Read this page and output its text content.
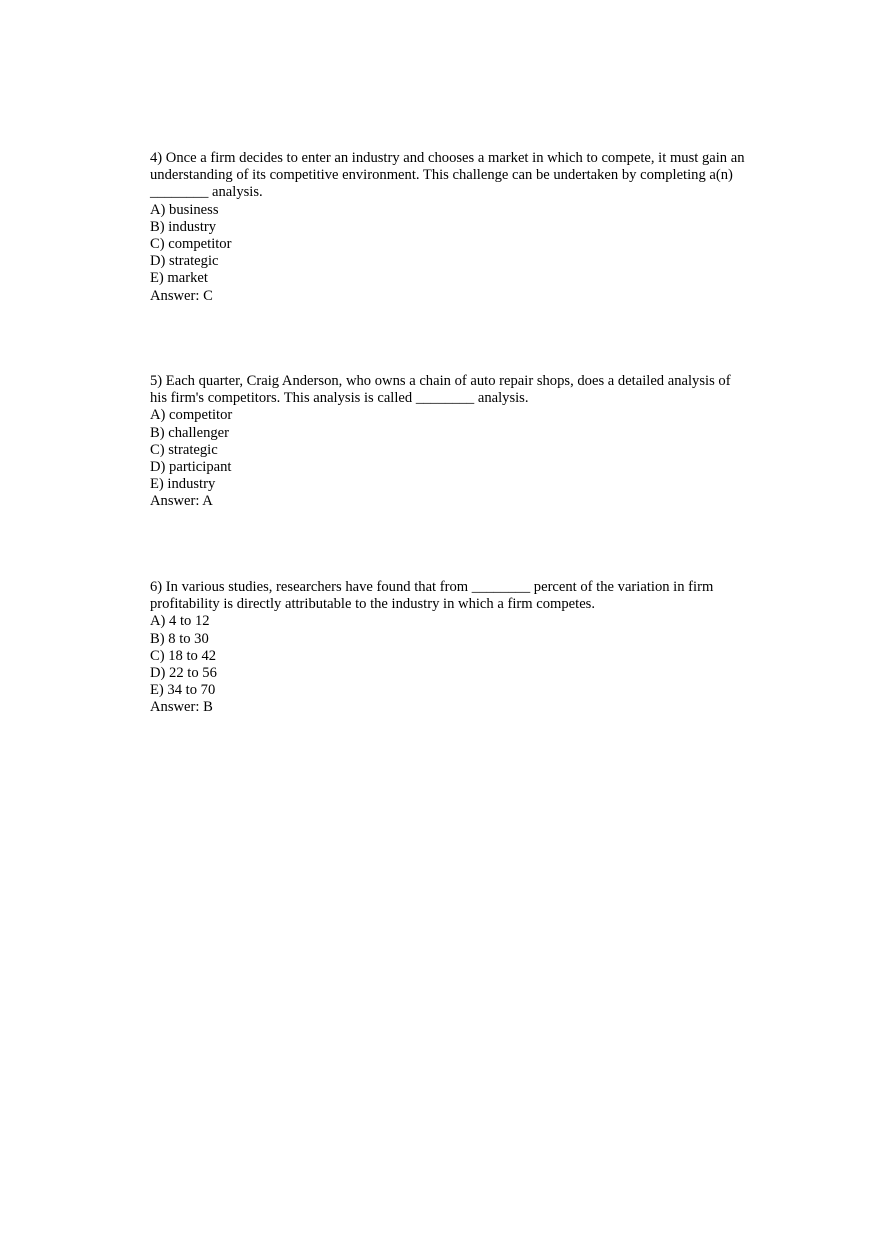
4) Once a firm decides to enter an industry and chooses a market in which to compete, it must gain an understanding of its competitive environment. This challenge can be undertaken by completing a(n) ________ analysis.
A) business
B) industry
C) competitor
D) strategic
E) market
Answer: C
5) Each quarter, Craig Anderson, who owns a chain of auto repair shops, does a detailed analysis of his firm's competitors. This analysis is called ________ analysis.
A) competitor
B) challenger
C) strategic
D) participant
E) industry
Answer: A
6) In various studies, researchers have found that from ________ percent of the variation in firm profitability is directly attributable to the industry in which a firm competes.
A) 4 to 12
B) 8 to 30
C) 18 to 42
D) 22 to 56
E) 34 to 70
Answer: B
